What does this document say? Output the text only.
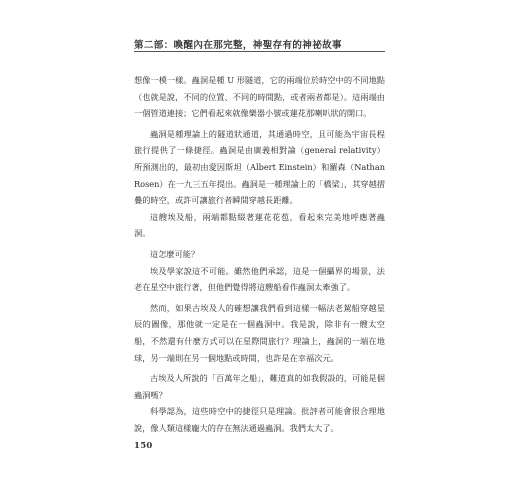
第二部：喚醒內在那完整，神聖存有的神祕故事

想像一模一樣。蟲洞是種 U 形隧道，它的兩端位於時空中的不同地點（也就是說，不同的位置、不同的時間點，或者兩者都是）。這兩端由一個管道連接；它們看起來就像樂器小號或蓮花那喇叭狀的開口。

蟲洞是種理論上的隧道狀通道，其通過時空，且可能為宇宙長程旅行提供了一條捷徑。蟲洞是由廣義相對論（general relativity）所預測出的，最初由愛因斯坦（Albert Einstein）和羅森（Nathan Rosen）在一九三五年提出。蟲洞是一種理論上的「橋梁」，其穿越摺疊的時空，或許可讓旅行者瞬間穿越長距離。

這艘埃及船，兩端都點綴著蓮花花苞，看起來完美地呼應著蟲洞。

這怎麼可能？

埃及學家說這不可能。雖然他們承認，這是一個攝界的場景，法老在星空中旅行著，但他們覺得將這艘船看作蟲洞太牽強了。

然而，如果古埃及人的確想讓我們看到這樣一幅法老駕船穿越星辰的圖像，那他就一定是在一個蟲洞中。我是說，除非有一艘太空船，不然還有什麼方式可以在星際間旅行？理論上，蟲洞的一端在地球，另一端則在另一個地點或時間，也許是在幸福次元。

古埃及人所說的「百萬年之船」，難道真的如我假設的，可能是個蟲洞嗎？

科學認為，這些時空中的捷徑只是理論。批評者可能會很合理地說，像人類這樣龐大的存在無法通過蟲洞。我們太大了。

150
